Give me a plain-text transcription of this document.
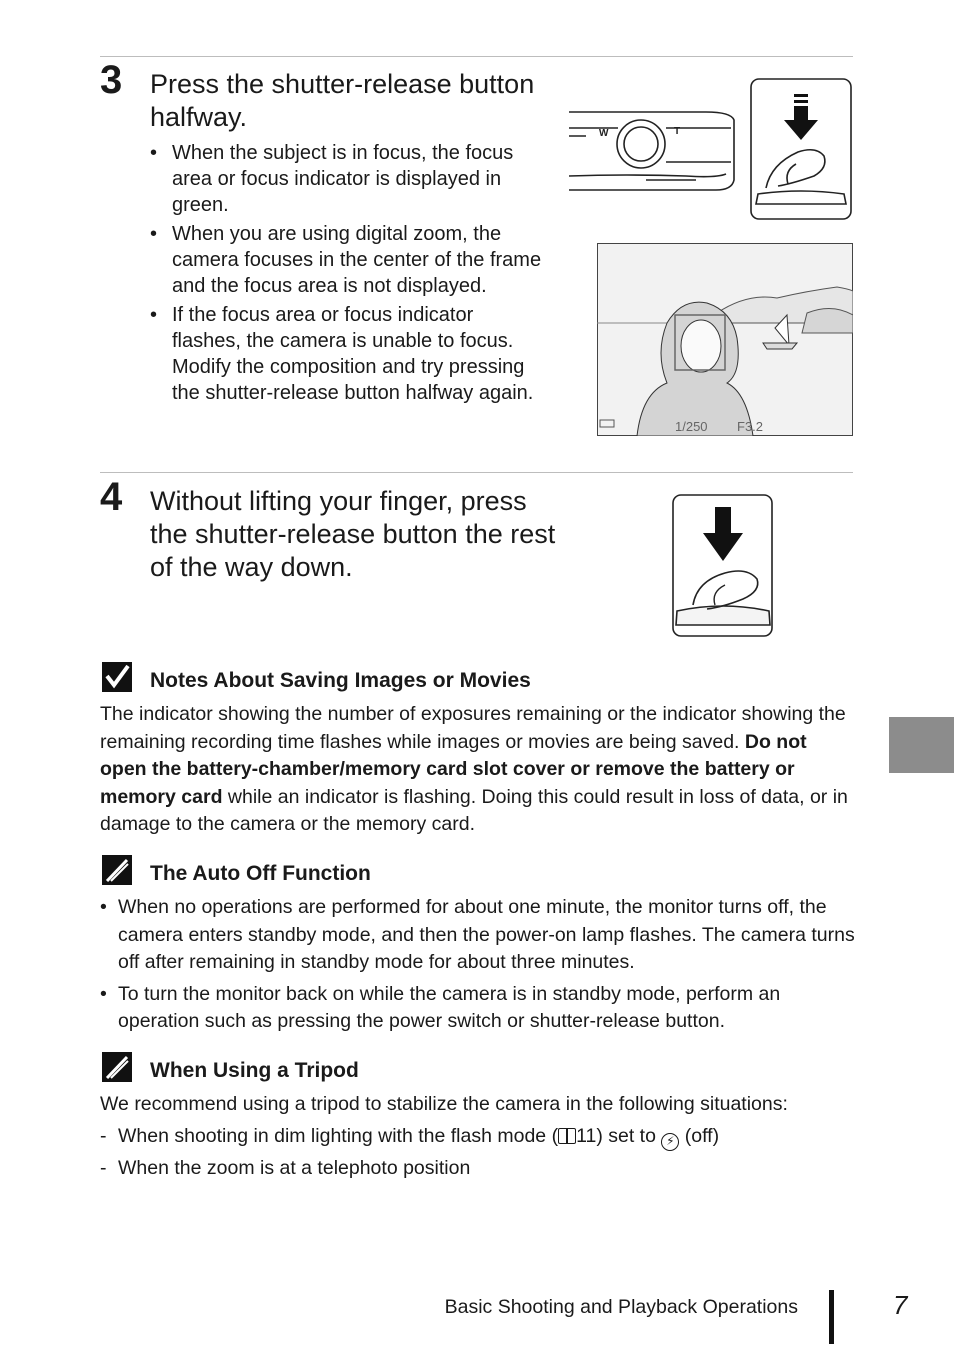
3 Press the shutter-release button halfway.
• When the subject is in focus, the focus area or focus indicator is displayed in green.
• When you are using digital zoom, the camera focuses in the center of the frame and the focus area is not displayed.
• If the focus area or focus indicator flashes, the camera is unable to focus. Modify the composition and try pressing the shutter-release button halfway again.
W	T
1/250 F3.2
4 Without lifting your finger, press the shutter-release button the rest of the way down.
Notes About Saving Images or Movies

The indicator showing the number of exposures remaining or the indicator showing the remaining recording time flashes while images or movies are being saved. Do not open the battery-chamber/memory card slot cover or remove the battery or memory card while an indicator is flashing. Doing this could result in loss of data, or in damage to the camera or the memory card.

The Auto Off Function
• When no operations are performed for about one minute, the monitor turns off, the camera enters standby mode, and then the power-on lamp flashes. The camera turns off after remaining in standby mode for about three minutes.
• To turn the monitor back on while the camera is in standby mode, perform an operation such as pressing the power switch or shutter-release button.
When Using a Tripod

We recommend using a tripod to stabilize the camera in the following situations:

- When shooting in dim lighting with the flash mode ( 11) set to ⚡ (off)
- When the zoom is at a telephoto position
Basic Shooting and Playback Operations	7
